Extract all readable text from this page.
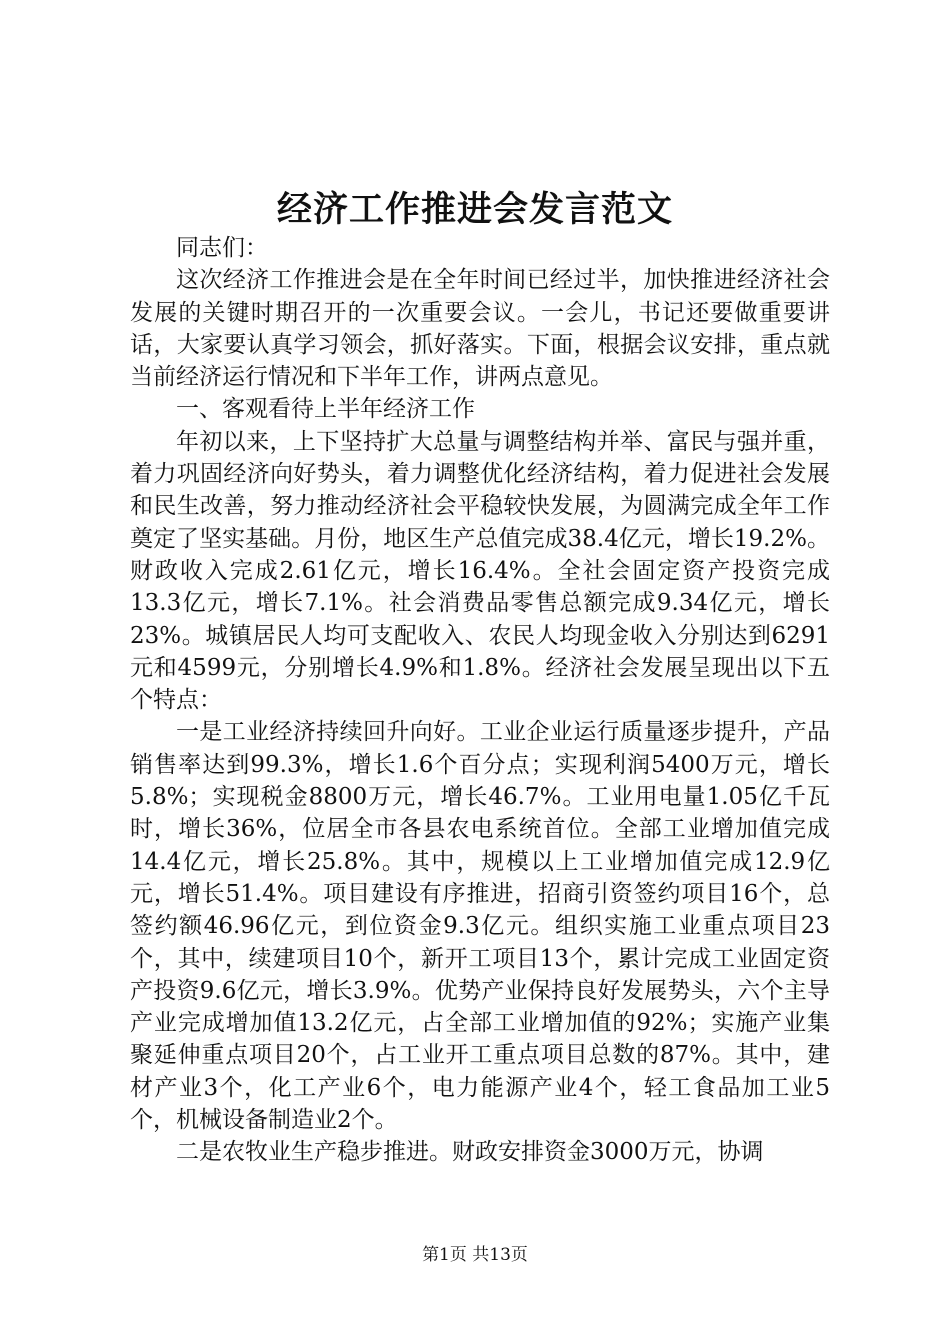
经济工作推进会发言范文

同志们：

这次经济工作推进会是在全年时间已经过半，加快推进经济社会发展的关键时期召开的一次重要会议。一会儿，书记还要做重要讲话，大家要认真学习领会，抓好落实。下面，根据会议安排，重点就当前经济运行情况和下半年工作，讲两点意见。

一、客观看待上半年经济工作

年初以来，上下坚持扩大总量与调整结构并举、富民与强并重，着力巩固经济向好势头，着力调整优化经济结构，着力促进社会发展和民生改善，努力推动经济社会平稳较快发展，为圆满完成全年工作奠定了坚实基础。月份，地区生产总值完成38.4亿元，增长19.2%。财政收入完成2.61亿元，增长16.4%。全社会固定资产投资完成13.3亿元，增长7.1%。社会消费品零售总额完成9.34亿元，增长23%。城镇居民人均可支配收入、农民人均现金收入分别达到6291元和4599元，分别增长4.9%和1.8%。经济社会发展呈现出以下五个特点：

一是工业经济持续回升向好。工业企业运行质量逐步提升，产品销售率达到99.3%，增长1.6个百分点；实现利润5400万元，增长5.8%；实现税金8800万元，增长46.7%。工业用电量1.05亿千瓦时，增长36%，位居全市各县农电系统首位。全部工业增加值完成14.4亿元，增长25.8%。其中，规模以上工业增加值完成12.9亿元，增长51.4%。项目建设有序推进，招商引资签约项目16个，总签约额46.96亿元，到位资金9.3亿元。组织实施工业重点项目23个，其中，续建项目10个，新开工项目13个，累计完成工业固定资产投资9.6亿元，增长3.9%。优势产业保持良好发展势头，六个主导产业完成增加值13.2亿元，占全部工业增加值的92%；实施产业集聚延伸重点项目20个，占工业开工重点项目总数的87%。其中，建材产业3个，化工产业6个，电力能源产业4个，轻工食品加工业5个，机械设备制造业2个。

二是农牧业生产稳步推进。财政安排资金3000万元，协调

第1页 共13页
